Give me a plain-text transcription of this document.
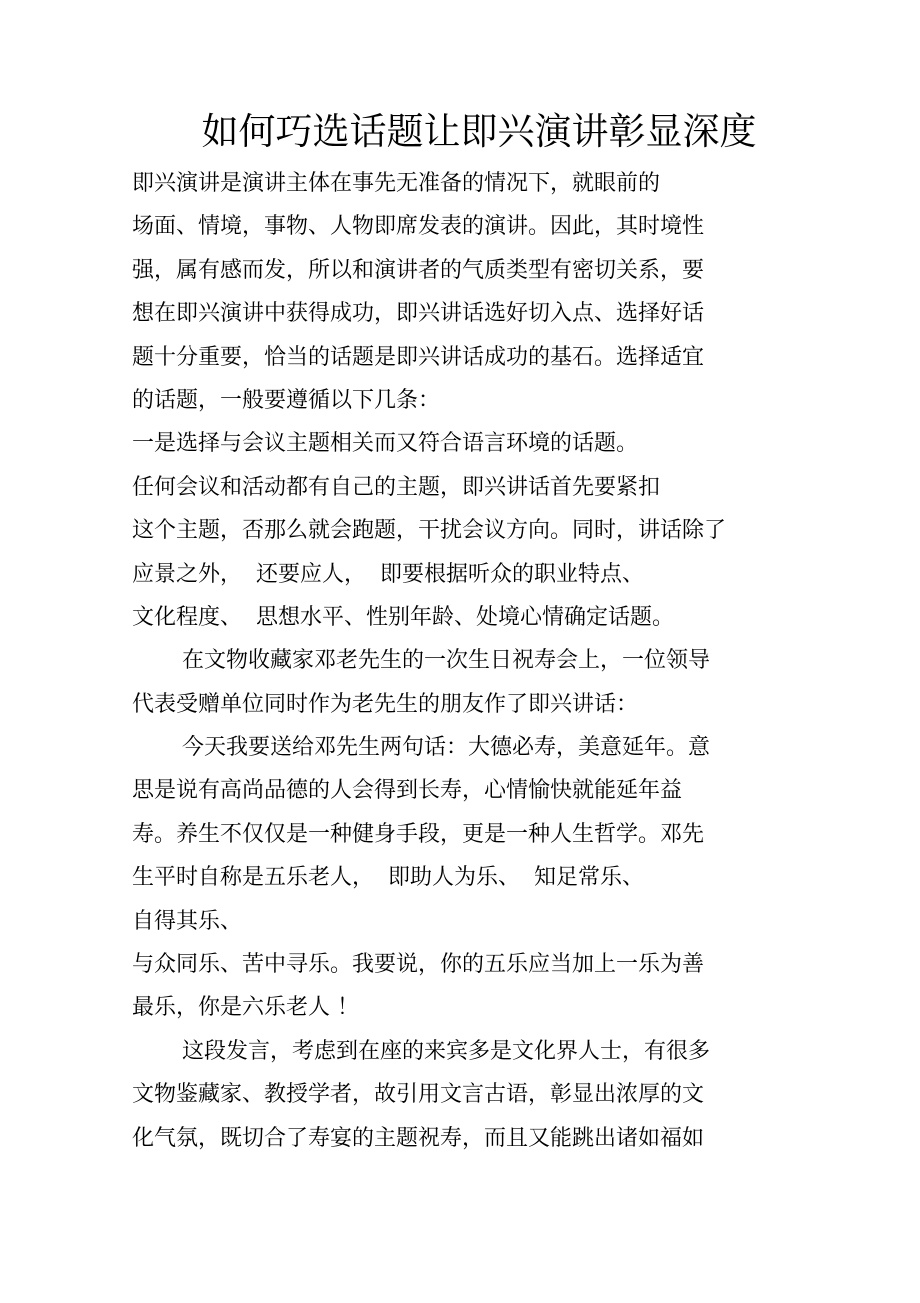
如何巧选话题让即兴演讲彰显深度
即兴演讲是演讲主体在事先无准备的情况下，就眼前的
场面、情境，事物、人物即席发表的演讲。因此，其时境性
强，属有感而发，所以和演讲者的气质类型有密切关系，要
想在即兴演讲中获得成功，即兴讲话选好切入点、选择好话
题十分重要，恰当的话题是即兴讲话成功的基石。选择适宜
的话题，一般要遵循以下几条：
一是选择与会议主题相关而又符合语言环境的话题。
任何会议和活动都有自己的主题，即兴讲话首先要紧扣
这个主题，否那么就会跑题，干扰会议方向。同时，讲话除了
应景之外，  还要应人，  即要根据听众的职业特点、
文化程度、  思想水平、性别年龄、处境心情确定话题。
在文物收藏家邓老先生的一次生日祝寿会上，一位领导
代表受赠单位同时作为老先生的朋友作了即兴讲话：
今天我要送给邓先生两句话：大德必寿，美意延年。意
思是说有高尚品德的人会得到长寿，心情愉快就能延年益
寿。养生不仅仅是一种健身手段，更是一种人生哲学。邓先
生平时自称是五乐老人，  即助人为乐、  知足常乐、
自得其乐、
与众同乐、苦中寻乐。我要说，你的五乐应当加上一乐为善
最乐，你是六乐老人 ！
这段发言，考虑到在座的来宾多是文化界人士，有很多
文物鉴藏家、教授学者，故引用文言古语，彰显出浓厚的文
化气氛，既切合了寿宴的主题祝寿，而且又能跳出诸如福如
